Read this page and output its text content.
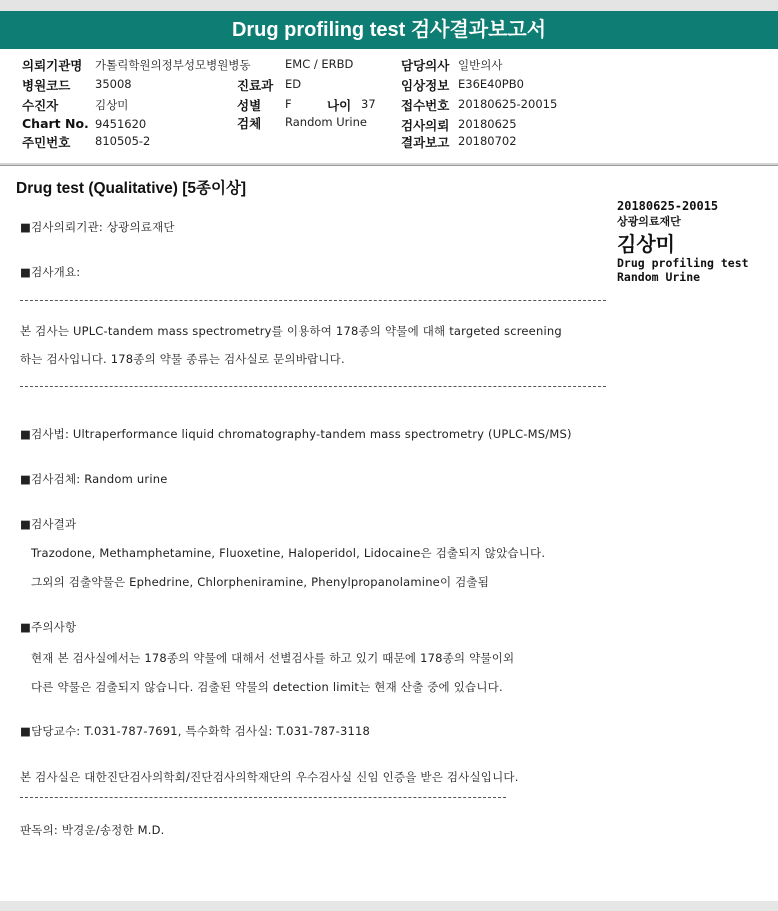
Drug profiling test 검사결과보고서
의뢰기관명 가톨릭학원의정부성모병원병동	EMC / ERBD	담당의사 일반의사
병원코드 35008	진료과 ED	임상정보 E36E40PB0
수진자	김상미	성별 F	나이 37 접수번호 20180625-20015
Chart No. 9451620	검체 Random Urine	검사의뢰 20180625
주민번호 810505-2	결과보고 20180702
Drug test (Qualitative) [5종이상]
20180625-20015
상광의료재단
김상미
Drug profiling test
Random Urine
■검사의뢰기관: 상광의료재단
■검사개요:
본 검사는 UPLC-tandem mass spectrometry를 이용하여 178종의 약물에 대해 targeted screening
하는 검사입니다. 178종의 약물 종류는 검사실로 문의바랍니다.
■검사법: Ultraperformance liquid chromatography-tandem mass spectrometry (UPLC-MS/MS)
■검사검체: Random urine
■검사결과
Trazodone, Methamphetamine, Fluoxetine, Haloperidol, Lidocaine은 검출되지 않았습니다.
그외의 검출약물은 Ephedrine, Chlorpheniramine, Phenylpropanolamine이 검출됨
■주의사항
현재 본 검사실에서는 178종의 약물에 대해서 선별검사를 하고 있기 때문에 178종의 약물이외
다른 약물은 검출되지 않습니다. 검출된 약물의 detection limit는 현재 산출 중에 있습니다.
■담당교수: T.031-787-7691, 특수화학 검사실: T.031-787-3118
본 검사실은 대한진단검사의학회/진단검사의학재단의 우수검사실 신임 인증을 받은 검사실입니다.
판독의: 박경운/송정한 M.D.
